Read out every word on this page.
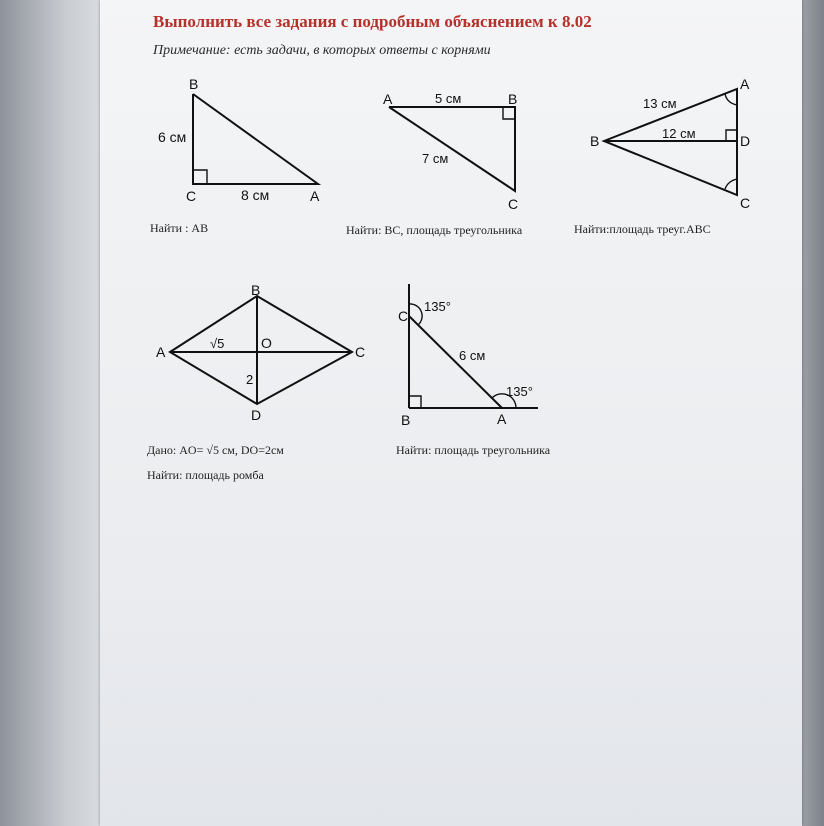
Выполнить все задания с подробным объяснением к 8.02
Примечание: есть задачи, в которых ответы с корнями
B
C	A
6 см
8 см
Найти : AB
A	B
C
5 см
7 см
Найти: BC, площадь треугольника
A
B
C
D
13 см
12 см
Найти:площадь треуг.ABC
B
A	C
D
O
√5
2
Дано: AO= √5 см, DO=2см
Найти: площадь ромба
C
B	A
135°
135°
6 см
Найти: площадь треугольника
